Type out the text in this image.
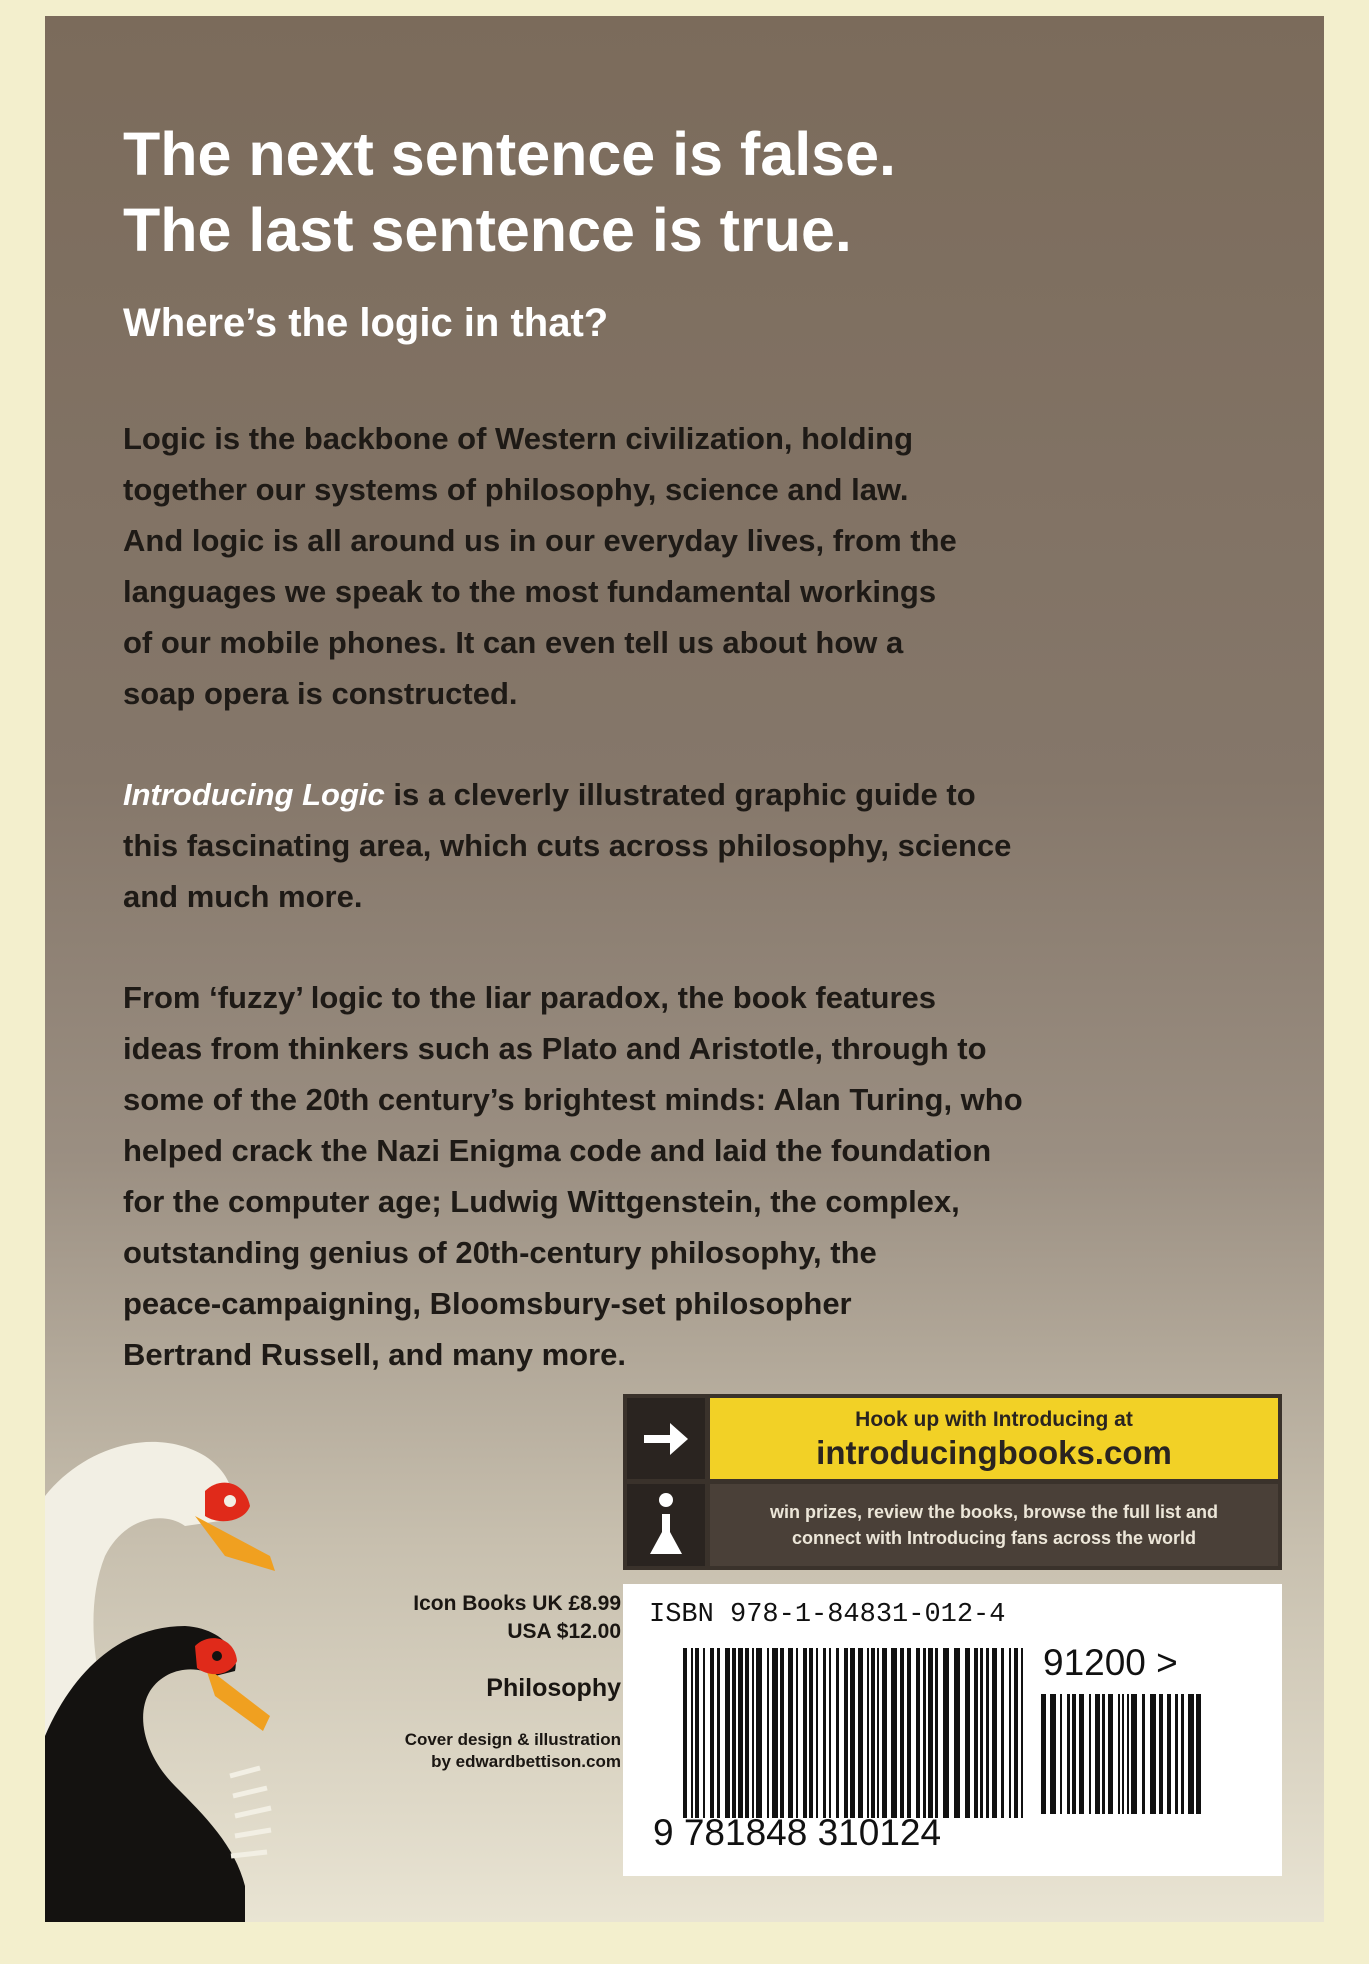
The next sentence is false.
The last sentence is true.
Where’s the logic in that?
Logic is the backbone of Western civilization, holding
together our systems of philosophy, science and law.
And logic is all around us in our everyday lives, from the
languages we speak to the most fundamental workings
of our mobile phones. It can even tell us about how a
soap opera is constructed.
Introducing Logic is a cleverly illustrated graphic guide to
this fascinating area, which cuts across philosophy, science
and much more.
From ‘fuzzy’ logic to the liar paradox, the book features
ideas from thinkers such as Plato and Aristotle, through to
some of the 20th century’s brightest minds: Alan Turing, who
helped crack the Nazi Enigma code and laid the foundation
for the computer age; Ludwig Wittgenstein, the complex,
outstanding genius of 20th-century philosophy, the
peace-campaigning, Bloomsbury-set philosopher
Bertrand Russell, and many more.
Hook up with Introducing at
introducingbooks.com
win prizes, review the books, browse the full list and
connect with Introducing fans across the world
Icon Books UK £8.99
USA $12.00
Philosophy
Cover design & illustration
by edwardbettison.com
ISBN 978-1-84831-012-4
9 781848 310124
91200 >
